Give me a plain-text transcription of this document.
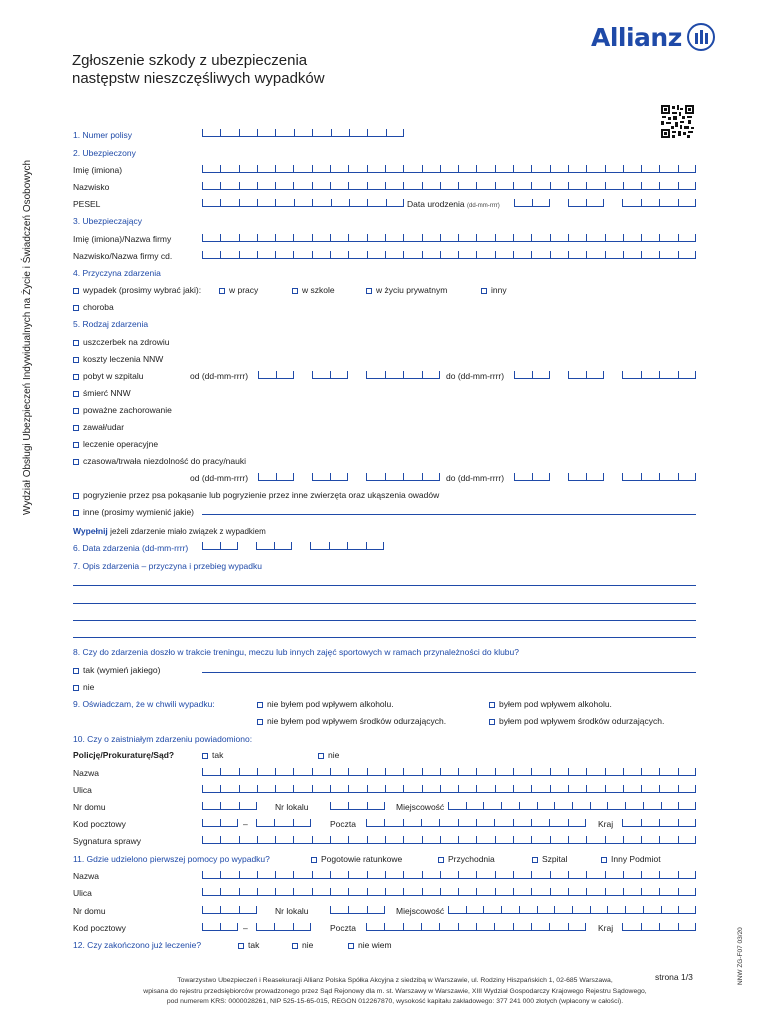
Allianz
Zgłoszenie szkody z ubezpieczenia
następstw nieszczęśliwych wypadków
Wydział Obsługi Ubezpieczeń Indywidualnych na Życie i Świadczeń Osobowych
NNW ZG-F07 03/20
1. Numer polisy
2. Ubezpieczony
Imię (imiona)
Nazwisko
PESEL	Data urodzenia (dd-mm-rrrr)
3. Ubezpieczający
Imię (imiona)/Nazwa firmy
Nazwisko/Nazwa firmy cd.
4. Przyczyna zdarzenia
wypadek (prosimy wybrać jaki):	w pracy	w szkole	w życiu prywatnym	inny
choroba
5. Rodzaj zdarzenia
uszczerbek na zdrowiu
koszty leczenia NNW
pobyt w szpitalu	od (dd-mm-rrrr)	do (dd-mm-rrrr)
śmierć NNW
poważne zachorowanie
zawał/udar
leczenie operacyjne
czasowa/trwała niezdolność do pracy/nauki
od (dd-mm-rrrr)	do (dd-mm-rrrr)
pogryzienie przez psa pokąsanie lub pogryzienie przez inne zwierzęta oraz ukąszenia owadów
inne (prosimy wymienić jakie)
Wypełnij jeżeli zdarzenie miało związek z wypadkiem
6. Data zdarzenia (dd-mm-rrrr)
7. Opis zdarzenia – przyczyna i przebieg wypadku
8. Czy do zdarzenia doszło w trakcie treningu, meczu lub innych zajęć sportowych w ramach przynależności do klubu?
tak (wymień jakiego)
nie
9. Oświadczam, że w chwili wypadku:	nie byłem pod wpływem alkoholu.	byłem pod wpływem alkoholu.
nie byłem pod wpływem środków odurzających.	byłem pod wpływem środków odurzających.
10. Czy o zaistniałym zdarzeniu powiadomiono:
Policję/Prokuraturę/Sąd?	tak	nie
Nazwa
Ulica
Nr domu	Nr lokalu	Miejscowość
Kod pocztowy	–	Poczta	Kraj
Sygnatura sprawy
11. Gdzie udzielono pierwszej pomocy po wypadku?	Pogotowie ratunkowe	Przychodnia	Szpital	Inny Podmiot
Nazwa
Ulica
Nr domu	Nr lokalu	Miejscowość
Kod pocztowy	–	Poczta	Kraj
12. Czy zakończono już leczenie?	tak	nie	nie wiem
strona 1/3
Towarzystwo Ubezpieczeń i Reasekuracji Allianz Polska Spółka Akcyjna z siedzibą w Warszawie, ul. Rodziny Hiszpańskich 1, 02-685 Warszawa,
wpisana do rejestru przedsiębiorców prowadzonego przez Sąd Rejonowy dla m. st. Warszawy w Warszawie, XIII Wydział Gospodarczy Krajowego Rejestru Sądowego,
pod numerem KRS: 0000028261, NIP 525-15-65-015, REGON 012267870, wysokość kapitału zakładowego: 377 241 000 złotych (wpłacony w całości).
